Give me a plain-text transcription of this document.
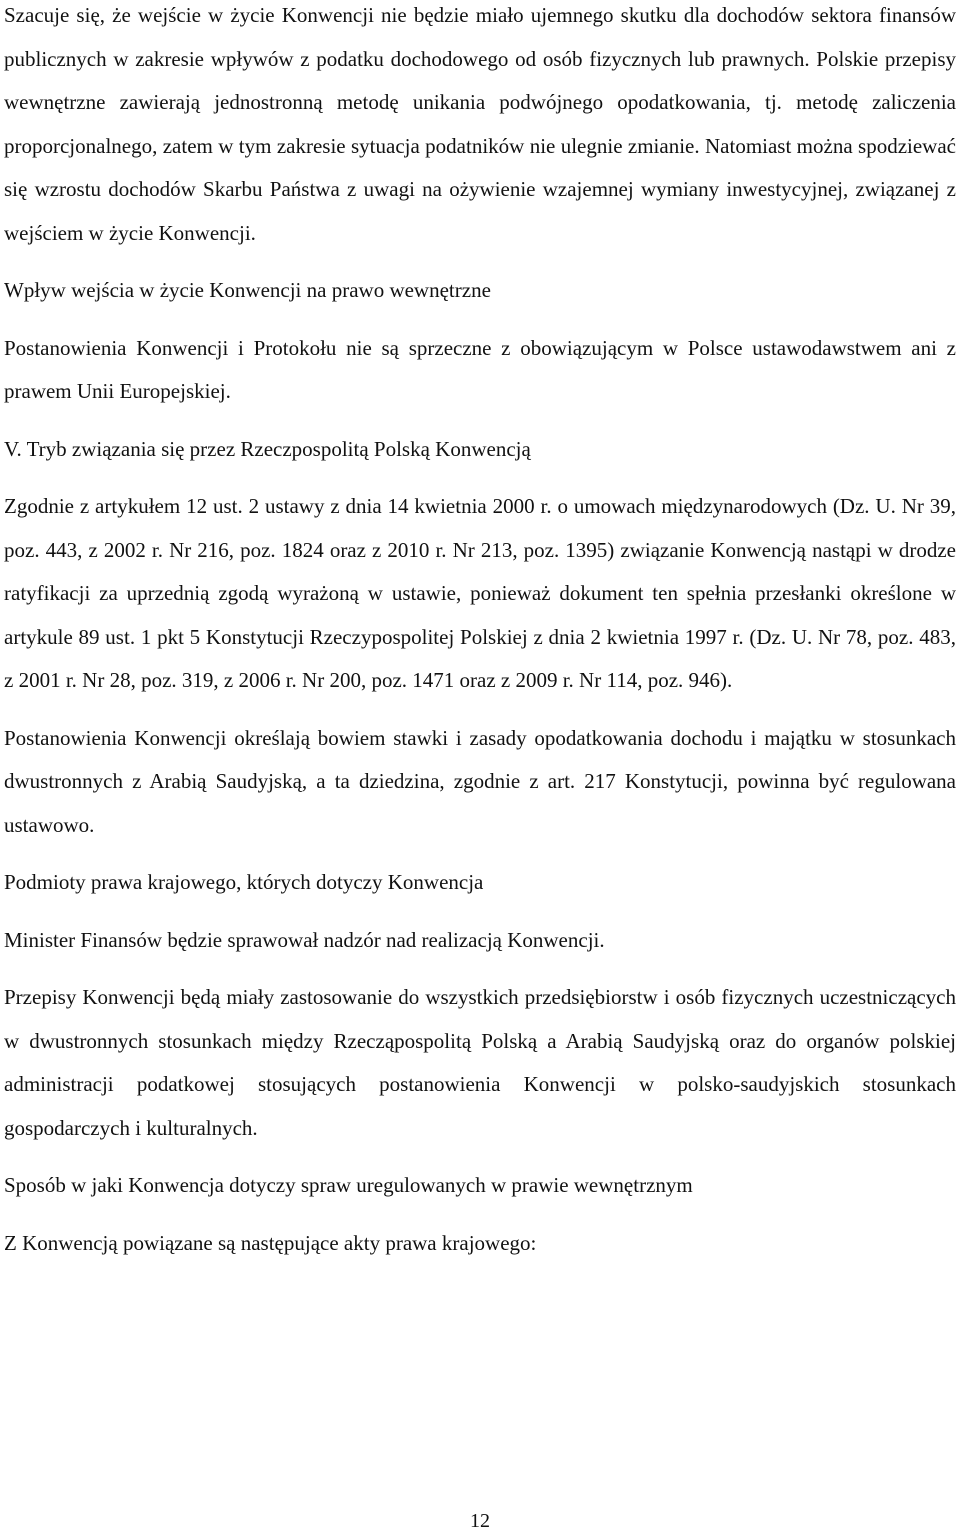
Szacuje się, że wejście w życie Konwencji nie będzie miało ujemnego skutku dla dochodów sektora finansów publicznych w zakresie wpływów z podatku dochodowego od osób fizycznych lub prawnych. Polskie przepisy wewnętrzne zawierają jednostronną metodę unikania podwójnego opodatkowania, tj. metodę zaliczenia proporcjonalnego, zatem w tym zakresie sytuacja podatników nie ulegnie zmianie. Natomiast można spodziewać się wzrostu dochodów Skarbu Państwa z uwagi na ożywienie wzajemnej wymiany inwestycyjnej, związanej z wejściem w życie Konwencji.

Wpływ wejścia w życie Konwencji na prawo wewnętrzne

Postanowienia Konwencji i Protokołu nie są sprzeczne z obowiązującym w Polsce ustawodawstwem ani z prawem Unii Europejskiej.

V. Tryb związania się przez Rzeczpospolitą Polską Konwencją

Zgodnie z artykułem 12 ust. 2 ustawy z dnia 14 kwietnia 2000 r. o umowach międzynarodowych (Dz. U. Nr 39, poz. 443, z 2002 r. Nr 216, poz. 1824 oraz z 2010 r. Nr 213, poz. 1395) związanie Konwencją nastąpi w drodze ratyfikacji za uprzednią zgodą wyrażoną w ustawie, ponieważ dokument ten spełnia przesłanki określone w artykule 89 ust. 1 pkt 5 Konstytucji Rzeczypospolitej Polskiej z dnia 2 kwietnia 1997 r. (Dz. U. Nr 78, poz. 483, z 2001 r. Nr 28, poz. 319, z 2006 r. Nr 200, poz. 1471 oraz z 2009 r. Nr 114, poz. 946).

Postanowienia Konwencji określają bowiem stawki i zasady opodatkowania dochodu i majątku w stosunkach dwustronnych z Arabią Saudyjską, a ta dziedzina, zgodnie z art. 217 Konstytucji, powinna być regulowana ustawowo.

Podmioty prawa krajowego, których dotyczy Konwencja

Minister Finansów będzie sprawował nadzór nad realizacją Konwencji.

Przepisy Konwencji będą miały zastosowanie do wszystkich przedsiębiorstw i osób fizycznych uczestniczących w dwustronnych stosunkach między Rzecząpospolitą Polską a Arabią Saudyjską oraz do organów polskiej administracji podatkowej stosujących postanowienia Konwencji w polsko-saudyjskich stosunkach gospodarczych i kulturalnych.

Sposób w jaki Konwencja dotyczy spraw uregulowanych w prawie wewnętrznym

Z Konwencją powiązane są następujące akty prawa krajowego:

12
